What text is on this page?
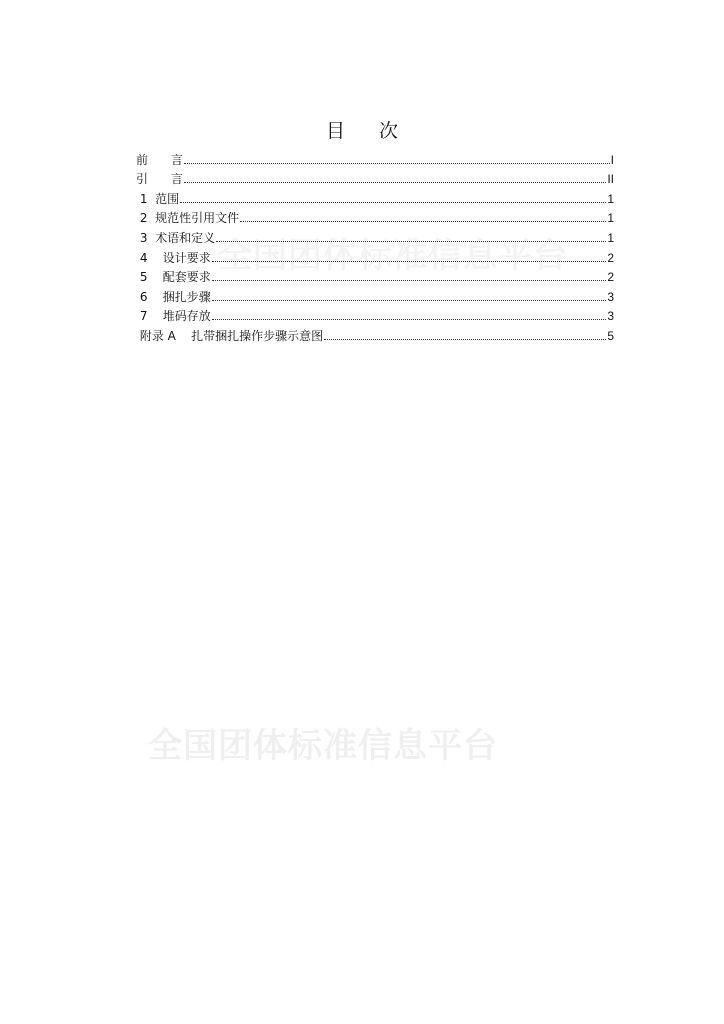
全国团体标准信息平台
全国团体标准信息平台
目 次
前      言	I
引      言	II
1  范围	1
2  规范性引用文件	1
3  术语和定义	1
4    设计要求	2
5    配套要求	2
6    捆扎步骤	3
7    堆码存放	3
附录 A    扎带捆扎操作步骤示意图	5
